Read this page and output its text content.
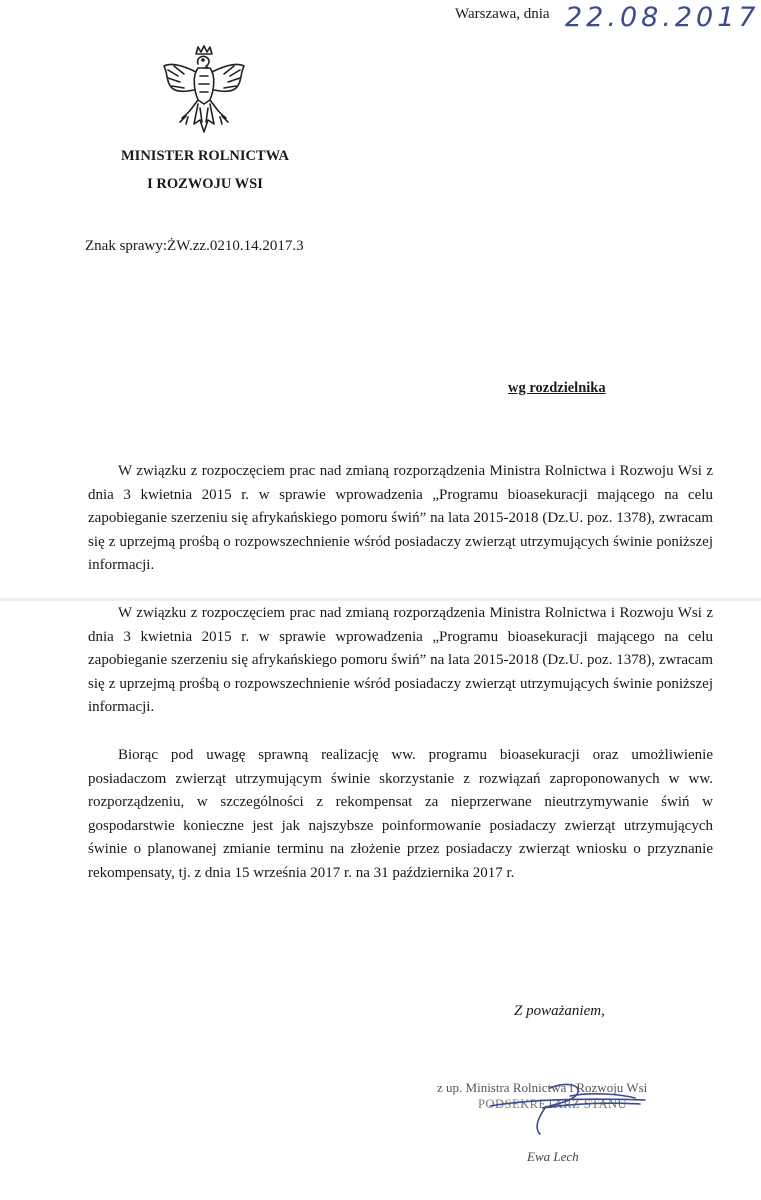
Warszawa, dnia 22.08.2017
MINISTER ROLNICTWA
I ROZWOJU WSI
Znak sprawy:ŻW.zz.0210.14.2017.3
wg rozdzielnika

W związku z rozpoczęciem prac nad zmianą rozporządzenia Ministra Rolnictwa i Rozwoju Wsi z dnia 3 kwietnia 2015 r. w sprawie wprowadzenia „Programu bioasekuracji mającego na celu zapobieganie szerzeniu się afrykańskiego pomoru świń” na lata 2015-2018 (Dz.U. poz. 1378), zwracam się z uprzejmą prośbą o rozpowszechnienie wśród posiadaczy zwierząt utrzymujących świnie poniższej informacji.

W związku z rozpoczęciem prac nad zmianą rozporządzenia Ministra Rolnictwa i Rozwoju Wsi z dnia 3 kwietnia 2015 r. w sprawie wprowadzenia „Programu bioasekuracji mającego na celu zapobieganie szerzeniu się afrykańskiego pomoru świń” na lata 2015-2018 (Dz.U. poz. 1378), zwracam się z uprzejmą prośbą o rozpowszechnienie wśród posiadaczy zwierząt utrzymujących świnie poniższej informacji.

Biorąc pod uwagę sprawną realizację ww. programu bioasekuracji oraz umożliwienie posiadaczom zwierząt utrzymującym świnie skorzystanie z rozwiązań zaproponowanych w ww. rozporządzeniu, w szczególności z rekompensat za nieprzerwane nieutrzymywanie świń w gospodarstwie konieczne jest jak najszybsze poinformowanie posiadaczy zwierząt utrzymujących świnie o planowanej zmianie terminu na złożenie przez posiadaczy zwierząt wniosku o przyznanie rekompensaty, tj. z dnia 15 września 2017 r. na 31 października 2017 r.

Z poważaniem,
z up. Ministra Rolnictwa i Rozwoju Wsi
PODSEKRETARZ STANU
Ewa Lech
